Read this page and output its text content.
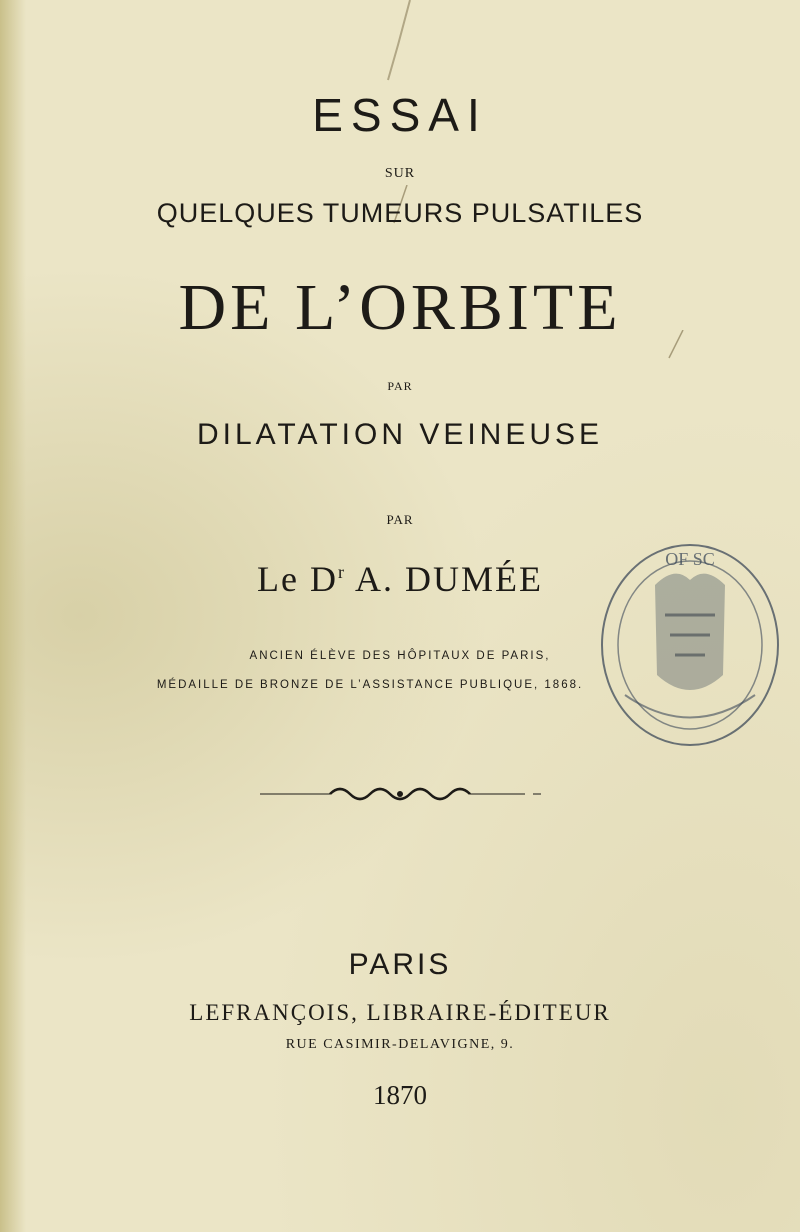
ESSAI
SUR
QUELQUES TUMEURS PULSATILES
DE L’ORBITE
PAR
DILATATION VEINEUSE
PAR
Le $D^r$ A. DUMÉE
ANCIEN ÉLÈVE DES HÔPITAUX DE PARIS,
MÉDAILLE DE BRONZE DE L’ASSISTANCE PUBLIQUE, 1868.
OF SC
PARIS
LEFRANÇOIS, LIBRAIRE-ÉDITEUR
RUE CASIMIR-DELAVIGNE, 9.
1870
